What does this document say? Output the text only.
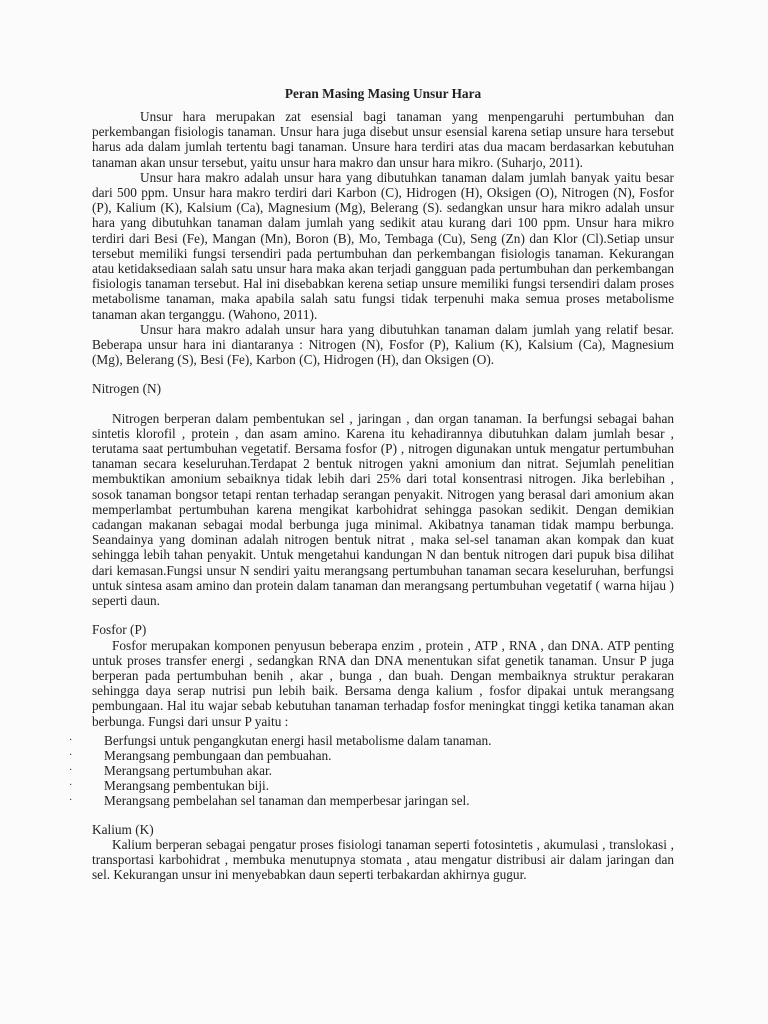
Peran Masing Masing Unsur Hara

Unsur hara merupakan zat esensial bagi tanaman yang menpengaruhi pertumbuhan dan perkembangan fisiologis tanaman. Unsur hara juga disebut unsur esensial karena setiap unsure hara tersebut harus ada dalam jumlah tertentu bagi tanaman. Unsure hara terdiri atas dua macam berdasarkan kebutuhan tanaman akan unsur tersebut, yaitu unsur hara makro dan unsur hara mikro. (Suharjo, 2011).

Unsur hara makro adalah unsur hara yang dibutuhkan tanaman dalam jumlah banyak yaitu besar dari 500 ppm. Unsur hara makro terdiri dari Karbon (C), Hidrogen (H), Oksigen (O), Nitrogen (N), Fosfor (P), Kalium (K), Kalsium (Ca), Magnesium (Mg), Belerang (S). sedangkan unsur hara mikro adalah unsur hara yang dibutuhkan tanaman dalam jumlah yang sedikit atau kurang dari 100 ppm. Unsur hara mikro terdiri dari Besi (Fe), Mangan (Mn), Boron (B), Mo, Tembaga (Cu), Seng (Zn) dan Klor (Cl).Setiap unsur tersebut memiliki fungsi tersendiri pada pertumbuhan dan perkembangan fisiologis tanaman. Kekurangan atau ketidaksediaan salah satu unsur hara maka akan terjadi gangguan pada pertumbuhan dan perkembangan fisiologis tanaman tersebut. Hal ini disebabkan kerena setiap unsure memiliki fungsi tersendiri dalam proses metabolisme tanaman, maka apabila salah satu fungsi tidak terpenuhi maka semua proses metabolisme tanaman akan terganggu. (Wahono, 2011).

Unsur hara makro adalah unsur hara yang dibutuhkan tanaman dalam jumlah yang relatif besar. Beberapa unsur hara ini diantaranya : Nitrogen (N), Fosfor (P), Kalium (K), Kalsium (Ca), Magnesium (Mg), Belerang (S), Besi (Fe), Karbon (C), Hidrogen (H), dan Oksigen (O).

Nitrogen (N)

Nitrogen berperan dalam pembentukan sel , jaringan , dan organ tanaman. Ia berfungsi sebagai bahan sintetis klorofil , protein , dan asam amino. Karena itu kehadirannya dibutuhkan dalam jumlah besar , terutama saat pertumbuhan vegetatif. Bersama fosfor (P) , nitrogen digunakan untuk mengatur pertumbuhan tanaman secara keseluruhan.Terdapat 2 bentuk nitrogen yakni amonium dan nitrat. Sejumlah penelitian membuktikan amonium sebaiknya tidak lebih dari 25% dari total konsentrasi nitrogen. Jika berlebihan , sosok tanaman bongsor tetapi rentan terhadap serangan penyakit. Nitrogen yang berasal dari amonium akan memperlambat pertumbuhan karena mengikat karbohidrat sehingga pasokan sedikit. Dengan demikian cadangan makanan sebagai modal berbunga juga minimal. Akibatnya tanaman tidak mampu berbunga. Seandainya yang dominan adalah nitrogen bentuk nitrat , maka sel-sel tanaman akan kompak dan kuat sehingga lebih tahan penyakit. Untuk mengetahui kandungan N dan bentuk nitrogen dari pupuk bisa dilihat dari kemasan.Fungsi unsur N sendiri yaitu merangsang pertumbuhan tanaman secara keseluruhan, berfungsi untuk sintesa asam amino dan protein dalam tanaman dan merangsang pertumbuhan vegetatif ( warna hijau ) seperti daun.

Fosfor (P)

Fosfor merupakan komponen penyusun beberapa enzim , protein , ATP , RNA , dan DNA. ATP penting untuk proses transfer energi , sedangkan RNA dan DNA menentukan sifat genetik tanaman. Unsur P juga berperan pada pertumbuhan benih , akar , bunga , dan buah. Dengan membaiknya struktur perakaran sehingga daya serap nutrisi pun lebih baik. Bersama denga kalium , fosfor dipakai untuk merangsang pembungaan. Hal itu wajar sebab kebutuhan tanaman terhadap fosfor meningkat tinggi ketika tanaman akan berbunga. Fungsi dari unsur P yaitu :

· Berfungsi untuk pengangkutan energi hasil metabolisme dalam tanaman.
· Merangsang pembungaan dan pembuahan.
· Merangsang pertumbuhan akar.
· Merangsang pembentukan biji.
· Merangsang pembelahan sel tanaman dan memperbesar jaringan sel.

Kalium (K)

Kalium berperan sebagai pengatur proses fisiologi tanaman seperti fotosintetis , akumulasi , translokasi , transportasi karbohidrat , membuka menutupnya stomata , atau mengatur distribusi air dalam jaringan dan sel. Kekurangan unsur ini menyebabkan daun seperti terbakardan akhirnya gugur.
